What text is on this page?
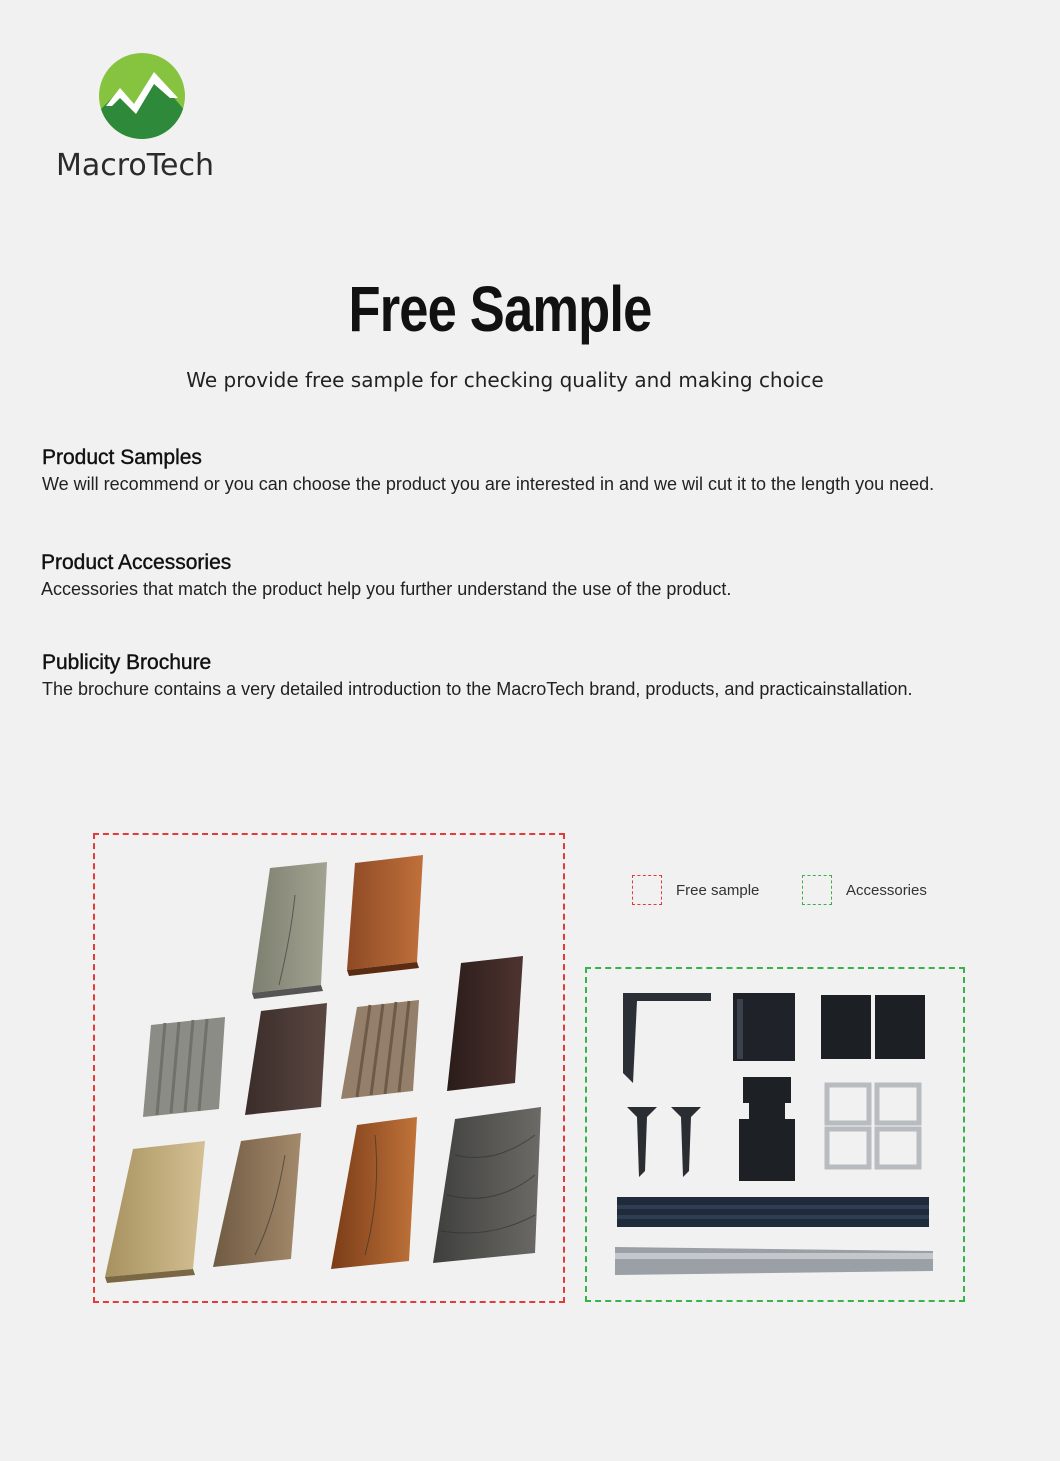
MacroTech
Free Sample
We provide free sample for checking quality and making choice
Product Samples

We will recommend or you can choose the product you are interested in and we wil cut it to the length you need.

Product Accessories

Accessories that match the product help you further understand the use of the product.

Publicity Brochure

The brochure contains a very detailed introduction to the MacroTech brand, products, and practicainstallation.

Free sample	Accessories
